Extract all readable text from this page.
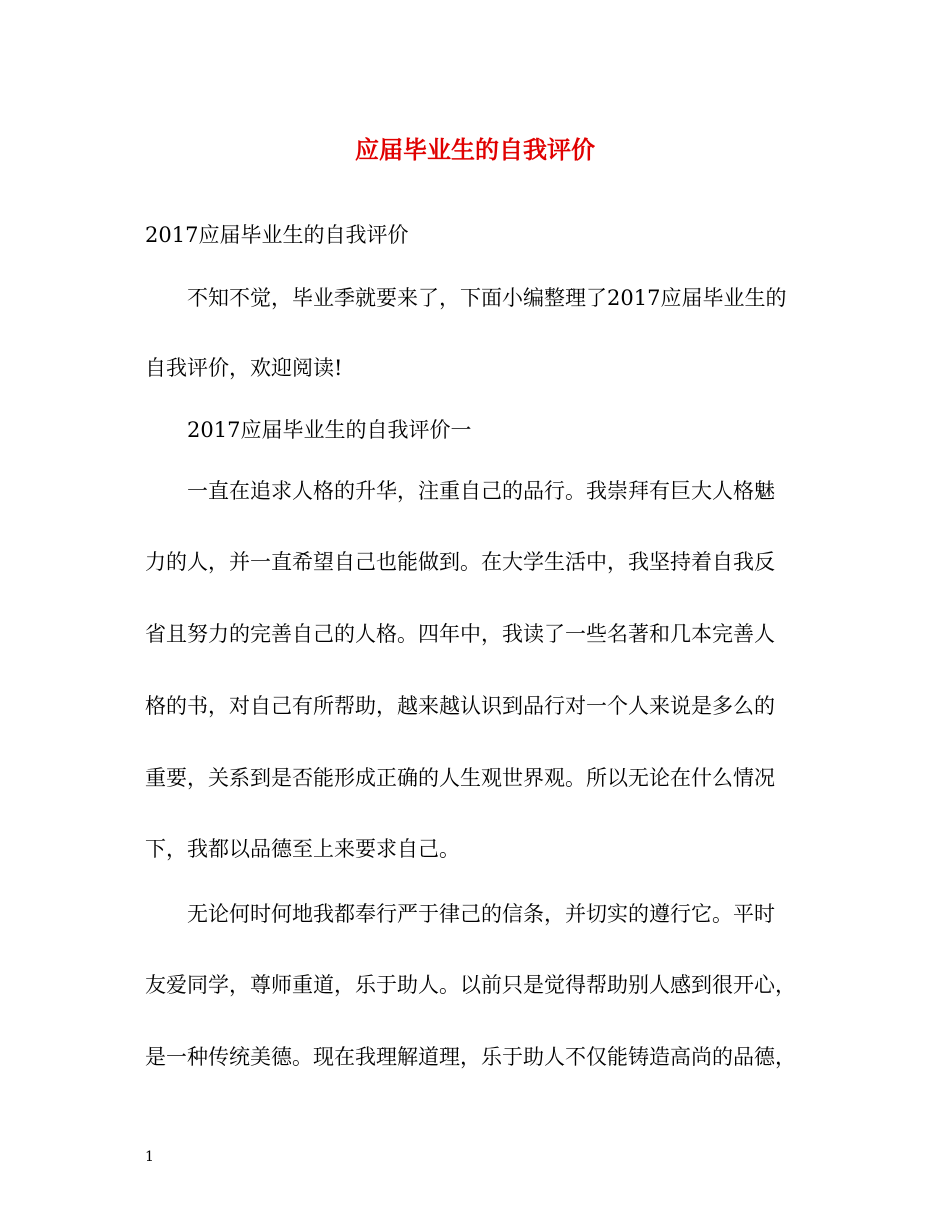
应届毕业生的自我评价

2017应届毕业生的自我评价

不知不觉，毕业季就要来了，下面小编整理了2017应届毕业生的

自我评价，欢迎阅读!

2017应届毕业生的自我评价一

一直在追求人格的升华，注重自己的品行。我崇拜有巨大人格魅

力的人，并一直希望自己也能做到。在大学生活中，我坚持着自我反

省且努力的完善自己的人格。四年中，我读了一些名著和几本完善人

格的书，对自己有所帮助，越来越认识到品行对一个人来说是多么的

重要，关系到是否能形成正确的人生观世界观。所以无论在什么情况

下，我都以品德至上来要求自己。

无论何时何地我都奉行严于律己的信条，并切实的遵行它。平时

友爱同学，尊师重道，乐于助人。以前只是觉得帮助别人感到很开心，

是一种传统美德。现在我理解道理，乐于助人不仅能铸造高尚的品德，

1
